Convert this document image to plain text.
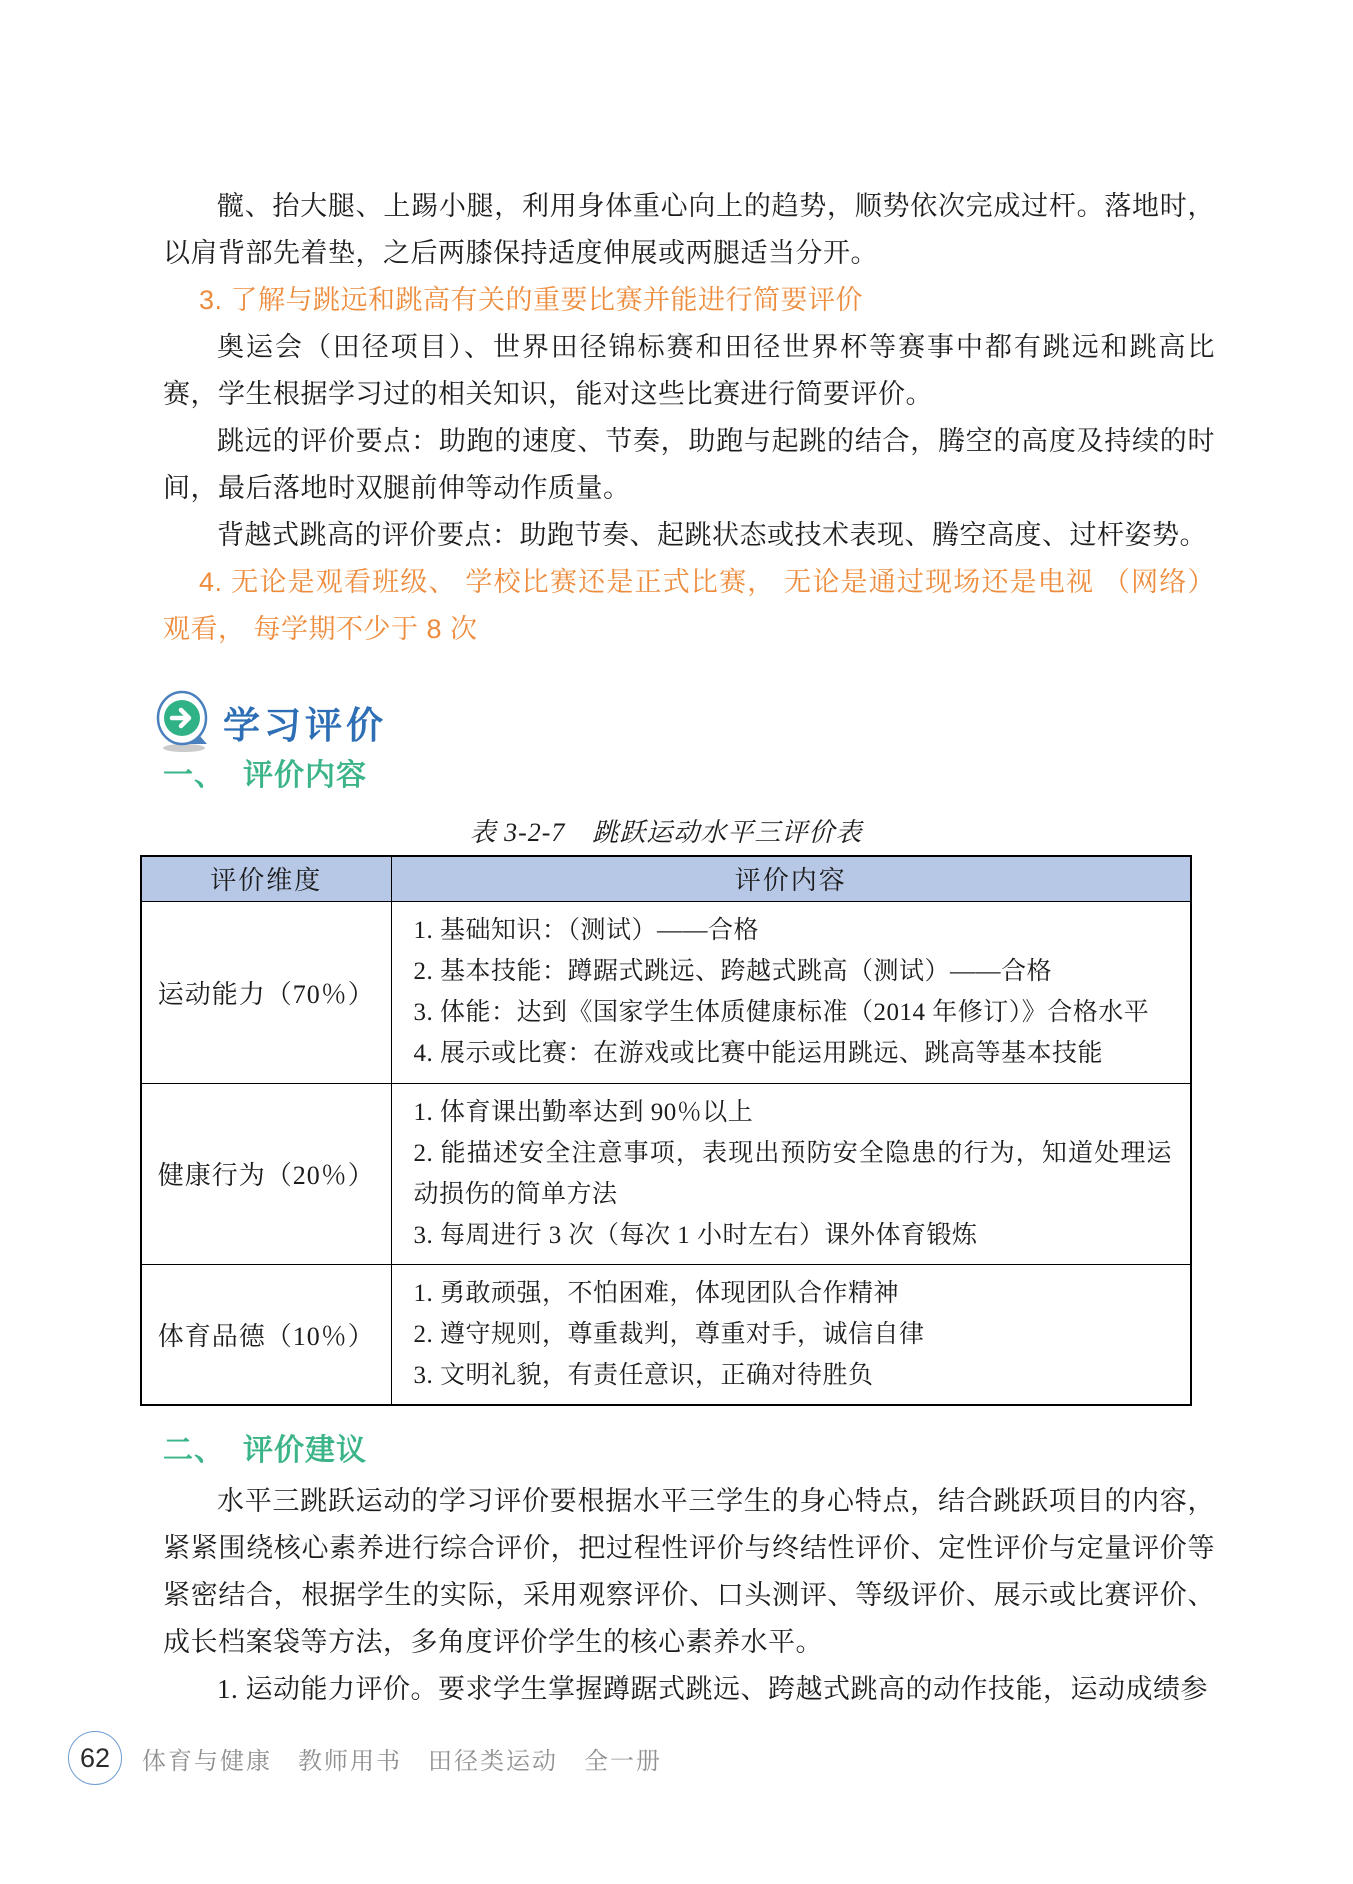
髋、抬大腿、上踢小腿，利用身体重心向上的趋势，顺势依次完成过杆。落地时，以肩背部先着垫，之后两膝保持适度伸展或两腿适当分开。

3. 了解与跳远和跳高有关的重要比赛并能进行简要评价

奥运会（田径项目）、世界田径锦标赛和田径世界杯等赛事中都有跳远和跳高比赛，学生根据学习过的相关知识，能对这些比赛进行简要评价。

跳远的评价要点：助跑的速度、节奏，助跑与起跳的结合，腾空的高度及持续的时间，最后落地时双腿前伸等动作质量。

背越式跳高的评价要点：助跑节奏、起跳状态或技术表现、腾空高度、过杆姿势。

4. 无论是观看班级、 学校比赛还是正式比赛， 无论是通过现场还是电视 （网络）观看， 每学期不少于 8 次

学习评价
一、 评价内容
表 3-2-7　跳跃运动水平三评价表
评价维度	评价内容
运动能力（70％）	1. 基础知识：（测试）——合格
2. 基本技能：蹲踞式跳远、跨越式跳高（测试）——合格
3. 体能：达到《国家学生体质健康标准（2014 年修订）》合格水平
4. 展示或比赛：在游戏或比赛中能运用跳远、跳高等基本技能

健康行为（20％）	1. 体育课出勤率达到 90％以上
2. 能描述安全注意事项，表现出预防安全隐患的行为，知道处理运动损伤的简单方法
3. 每周进行 3 次（每次 1 小时左右）课外体育锻炼

体育品德（10％）	1. 勇敢顽强，不怕困难，体现团队合作精神
2. 遵守规则，尊重裁判，尊重对手，诚信自律
3. 文明礼貌，有责任意识，正确对待胜负
二、 评价建议

水平三跳跃运动的学习评价要根据水平三学生的身心特点，结合跳跃项目的内容，紧紧围绕核心素养进行综合评价，把过程性评价与终结性评价、定性评价与定量评价等紧密结合，根据学生的实际，采用观察评价、口头测评、等级评价、展示或比赛评价、成长档案袋等方法，多角度评价学生的核心素养水平。

1. 运动能力评价。要求学生掌握蹲踞式跳远、跨越式跳高的动作技能，运动成绩参

62	体育与健康　教师用书　田径类运动　全一册
